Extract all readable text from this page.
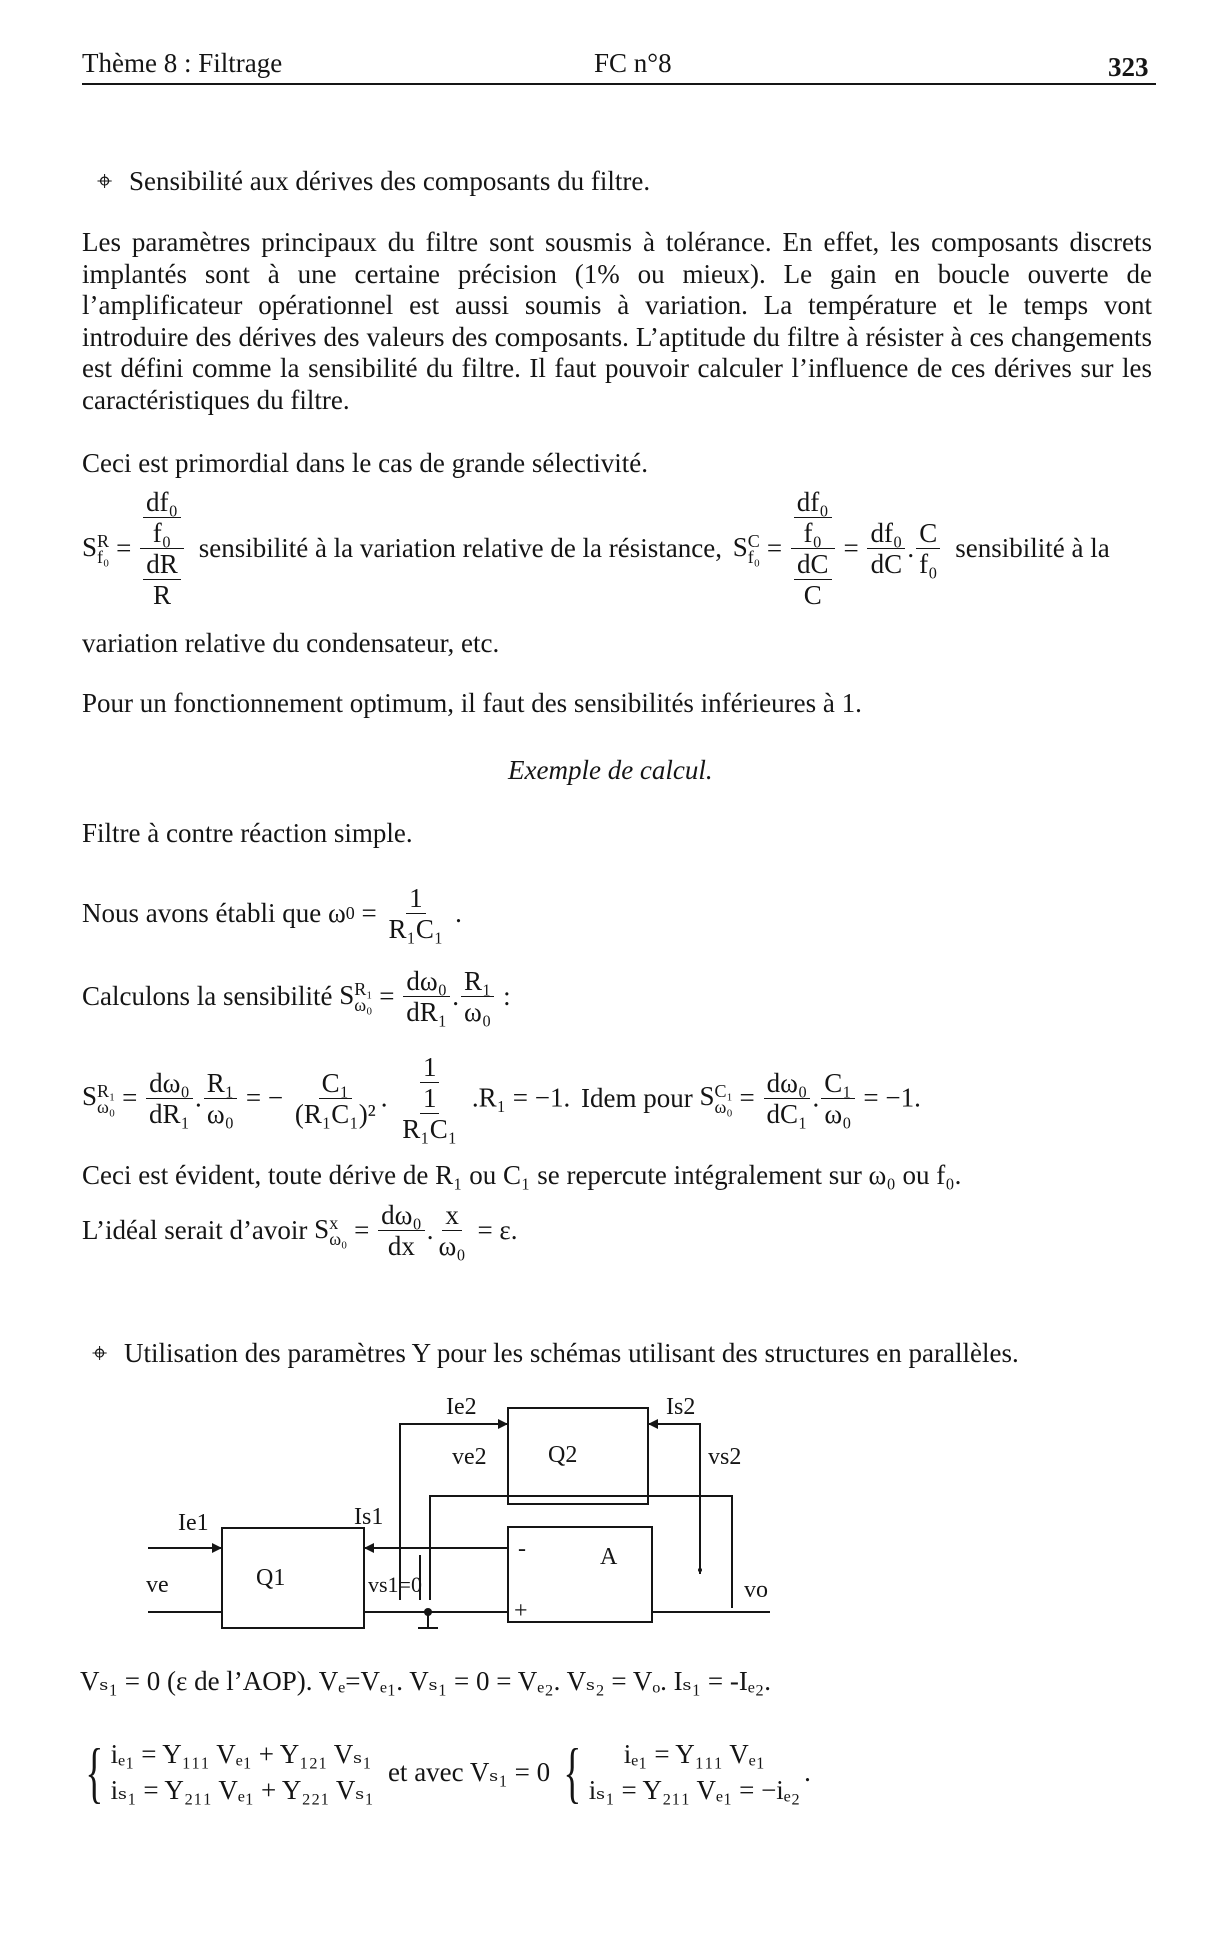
Thème 8 : Filtrage	FC n°8	323
⌖ Sensibilité aux dérives des composants du filtre.
Les paramètres principaux du filtre sont sousmis à tolérance. En effet, les composants discrets implantés sont à une certaine précision (1% ou mieux). Le gain en boucle ouverte de l’amplificateur opérationnel est aussi soumis à variation. La température et le temps vont introduire des dérives des valeurs des composants. L’aptitude du filtre à résister à ces changements est défini comme la sensibilité du filtre. Il faut pouvoir calculer l’influence de ces dérives sur les caractéristiques du filtre.
Ceci est primordial dans le cas de grande sélectivité.
S R
$f_0 = \frac{\frac{\text{df₀}}{\text{f₀}}}{\frac{dR}{R}}$ sensibilité à la variation relative de la résistance, S C
$f_0 = \frac{\frac{\text{df₀}}{\text{f₀}}}{\frac{dC}{C}} = \frac{\text{df₀}}{dC}$ . $\frac{C}{\text{f₀}}$ sensibilité à la
variation relative du condensateur, etc.
Pour un fonctionnement optimum, il faut des sensibilités inférieures à 1.
Exemple de calcul.
Filtre à contre réaction simple.
Nous avons établi que $\omega 0 = \frac{1}{\text{R₁C₁}}$ .
Calculons la sensibilité S R₁
$\omega_0 = \frac{\text{dω₀}}{\text{dR₁}}$ . $\frac{\text{R₁}}{\text{ω₀}}$ :
S R₁
$\omega_0 = \frac{\text{dω₀}}{\text{dR₁}}$ . $\frac{\text{R₁}}{\text{ω₀}}$ = − $\frac{\text{C₁}}{\text{(R₁C₁)²}}$ . $\frac{1}{\frac{1}{\text{R₁C₁}}} .R_1 = -1$. Idem pour S C₁
$\omega_0 = \frac{\text{dω₀}}{\text{dC₁}}$ . $\frac{\text{C₁}}{\text{ω₀}} = -1$.
Ceci est évident, toute dérive de R₁ ou C₁ se repercute intégralement sur ω₀ ou f₀.
L’idéal serait d’avoir S x
$\omega_0 = \frac{\text{dω₀}}{dx}$ . $\frac{x}{\text{ω₀}} = \varepsilon$.
⌖ Utilisation des paramètres Y pour les schémas utilisant des structures en parallèles.
Ie2	Is2
Q2
ve2	vs2
Ie1	Is1
ve	Q1	vs1=0
-
+
A
vo
Vₛ₁ = 0 (ε de l’AOP). Vₑ=Vₑ₁. Vₛ₁ = 0 = Vₑ₂. Vₛ₂ = Vₒ. Iₛ₁ = -Iₑ₂.
{ iₑ₁ = Y₁₁₁ Vₑ₁ + Y₁₂₁ Vₛ₁
iₛ₁ = Y₂₁₁ Vₑ₁ + Y₂₂₁ Vₛ₁
et avec Vₛ₁ = 0 { iₑ₁ = Y₁₁₁ Vₑ₁
iₛ₁ = Y₂₁₁ Vₑ₁ = −iₑ₂
.
